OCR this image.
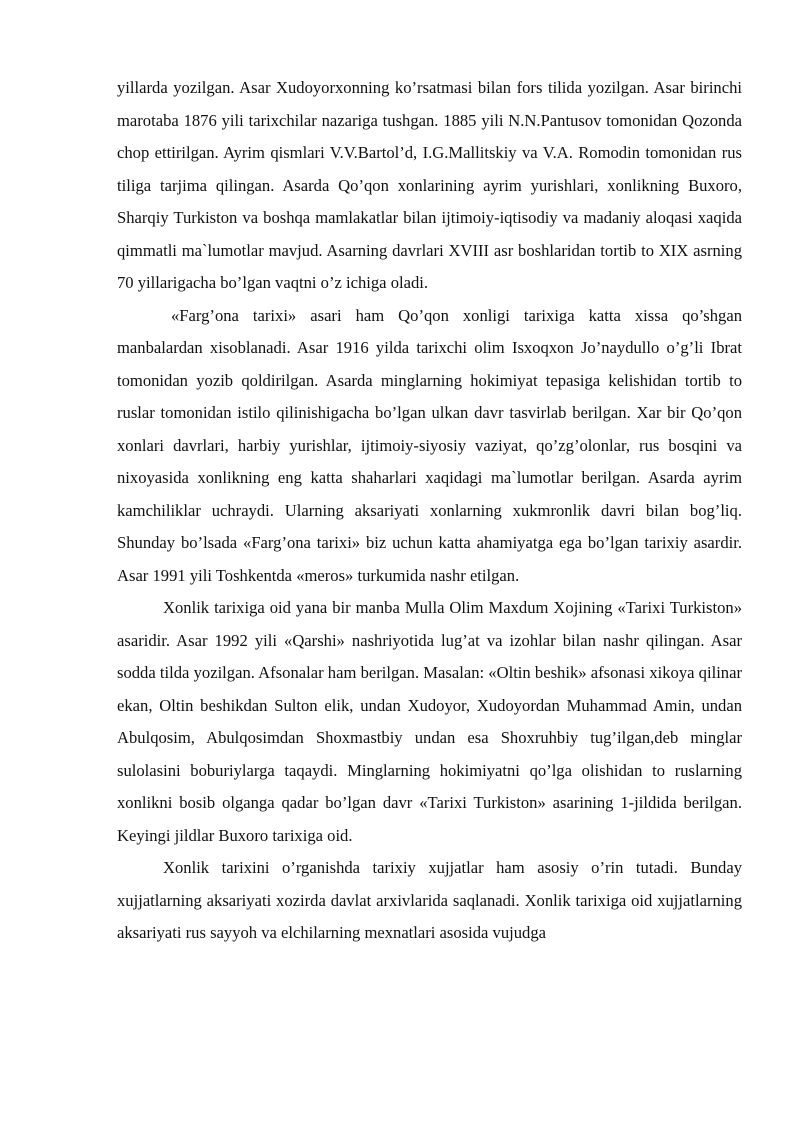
yillarda yozilgan. Asar Xudoyorxonning ko’rsatmasi bilan fors tilida yozilgan. Asar birinchi marotaba 1876 yili tarixchilar nazariga tushgan. 1885 yili N.N.Pantusov tomonidan Qozonda chop ettirilgan. Ayrim qismlari V.V.Bartol’d, I.G.Mallitskiy va V.A. Romodin tomonidan rus tiliga tarjima qilingan. Asarda Qo’qon xonlarining ayrim yurishlari, xonlikning Buxoro, Sharqiy Turkiston va boshqa mamlakatlar bilan ijtimoiy-iqtisodiy va madaniy aloqasi xaqida qimmatli ma`lumotlar mavjud. Asarning davrlari XVIII asr boshlaridan tortib to XIX asrning 70 yillarigacha bo’lgan vaqtni o’z ichiga oladi.

«Farg’ona tarixi» asari ham Qo’qon xonligi tarixiga katta xissa qo’shgan manbalardan xisoblanadi. Asar 1916 yilda tarixchi olim Isxoqxon Jo’naydullo o’g’li Ibrat tomonidan yozib qoldirilgan. Asarda minglarning hokimiyat tepasiga kelishidan tortib to ruslar tomonidan istilo qilinishigacha bo’lgan ulkan davr tasvirlab berilgan. Xar bir Qo’qon xonlari davrlari, harbiy yurishlar, ijtimoiy-siyosiy vaziyat, qo’zg’olonlar, rus bosqini va nixoyasida xonlikning eng katta shaharlari xaqidagi ma`lumotlar berilgan. Asarda ayrim kamchiliklar uchraydi. Ularning aksariyati xonlarning xukmronlik davri bilan bog’liq. Shunday bo’lsada «Farg’ona tarixi» biz uchun katta ahamiyatga ega bo’lgan tarixiy asardir. Asar 1991 yili Toshkentda «meros» turkumida nashr etilgan.

Xonlik tarixiga oid yana bir manba Mulla Olim Maxdum Xojining «Tarixi Turkiston» asaridir. Asar 1992 yili «Qarshi» nashriyotida lug’at va izohlar bilan nashr qilingan. Asar sodda tilda yozilgan. Afsonalar ham berilgan. Masalan: «Oltin beshik» afsonasi xikoya qilinar ekan, Oltin beshikdan Sulton elik, undan Xudoyor, Xudoyordan Muhammad Amin, undan Abulqosim, Abulqosimdan Shoxmastbiy undan esa Shoxruhbiy tug’ilgan,deb minglar sulolasini boburiylarga taqaydi. Minglarning hokimiyatni qo’lga olishidan to ruslarning xonlikni bosib olganga qadar bo’lgan davr «Tarixi Turkiston» asarining 1-jildida berilgan. Keyingi jildlar Buxoro tarixiga oid.

Xonlik tarixini o’rganishda tarixiy xujjatlar ham asosiy o’rin tutadi. Bunday xujjatlarning aksariyati xozirda davlat arxivlarida saqlanadi. Xonlik tarixiga oid xujjatlarning aksariyati rus sayyoh va elchilarning mexnatlari asosida vujudga
